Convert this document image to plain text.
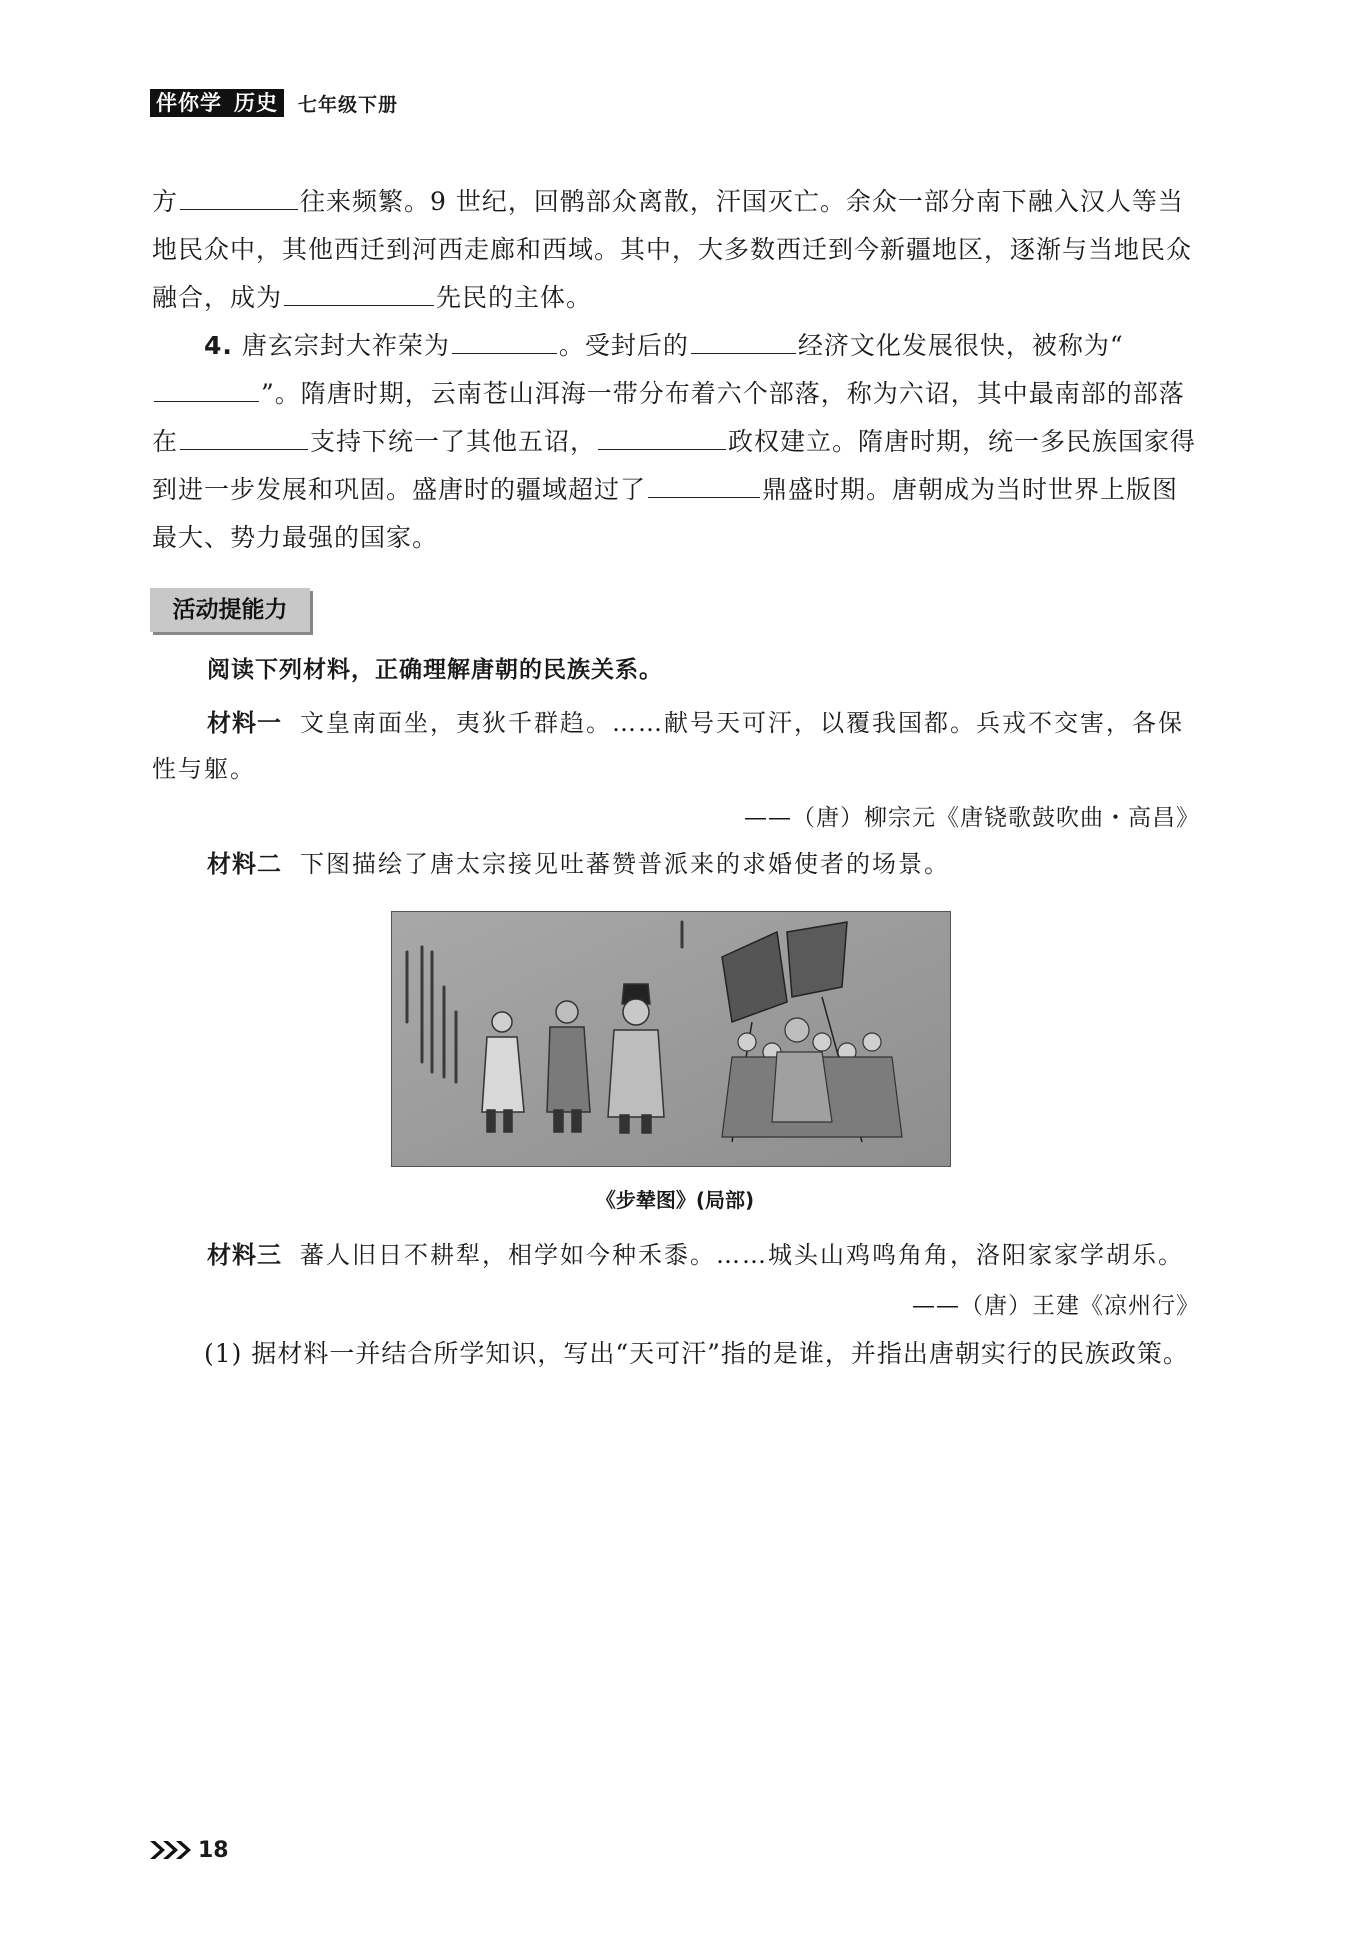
伴你学 历史	七年级下册

方	往来频繁。9 世纪，回鹘部众离散，汗国灭亡。余众一部分南下融入汉人等当地民众中，其他西迁到河西走廊和西域。其中，大多数西迁到今新疆地区，逐渐与当地民众融合，成为	先民的主体。

4. 唐玄宗封大祚荣为	。受封后的	经济文化发展很快，被称为“”。隋唐时期，云南苍山洱海一带分布着六个部落，称为六诏，其中最南部的部落在	支持下统一了其他五诏，	政权建立。隋唐时期，统一多民族国家得到进一步发展和巩固。盛唐时的疆域超过了	鼎盛时期。唐朝成为当时世界上版图最大、势力最强的国家。

活动提能力
阅读下列材料，正确理解唐朝的民族关系。

材料一 文皇南面坐，夷狄千群趋。……献号天可汗，以覆我国都。兵戎不交害，各保性与躯。

——（唐）柳宗元《唐铙歌鼓吹曲・高昌》

材料二 下图描绘了唐太宗接见吐蕃赞普派来的求婚使者的场景。

《步辇图》(局部)

材料三 蕃人旧日不耕犁，相学如今种禾黍。……城头山鸡鸣角角，洛阳家家学胡乐。

——（唐）王建《凉州行》

(1) 据材料一并结合所学知识，写出“天可汗”指的是谁，并指出唐朝实行的民族政策。

18
